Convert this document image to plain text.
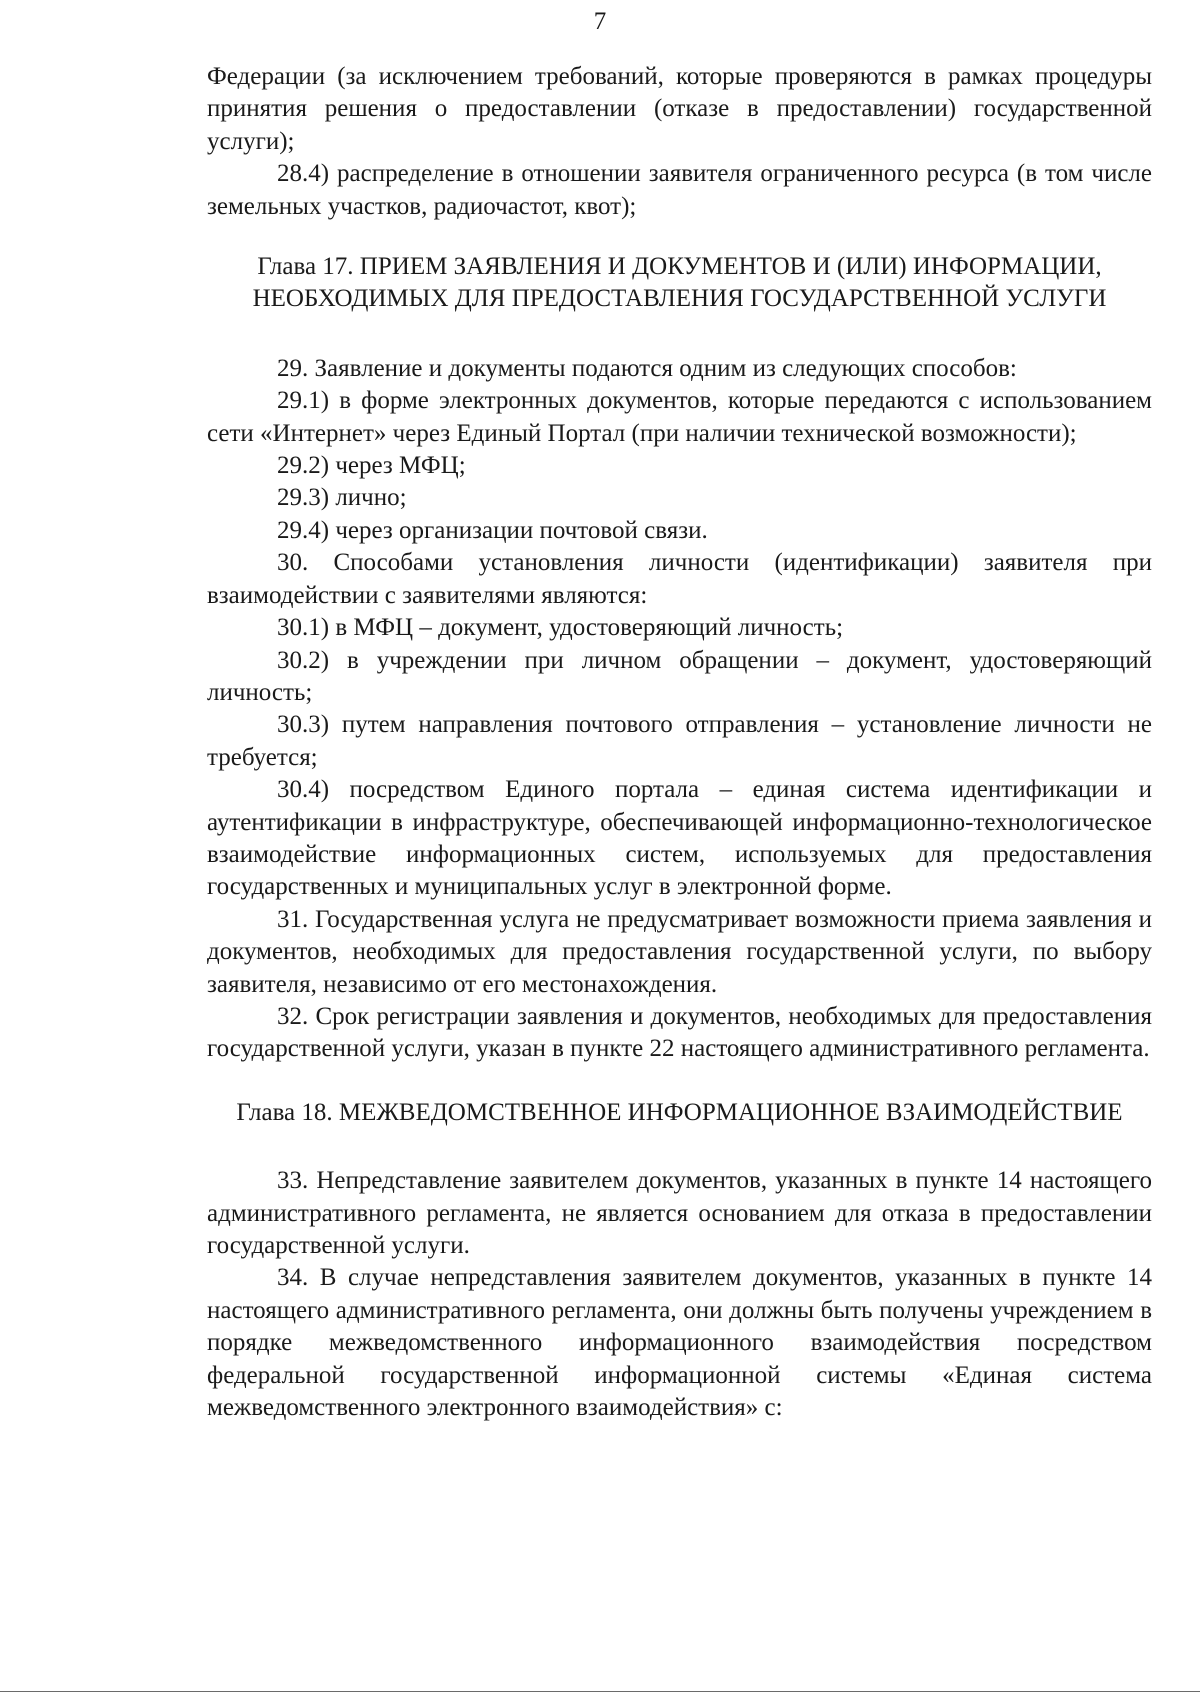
7

Федерации (за исключением требований, которые проверяются в рамках процедуры принятия решения о предоставлении (отказе в предоставлении) государственной услуги);

28.4) распределение в отношении заявителя ограниченного ресурса (в том числе земельных участков, радиочастот, квот);

Глава 17. ПРИЕМ ЗАЯВЛЕНИЯ И ДОКУМЕНТОВ И (ИЛИ) ИНФОРМАЦИИ, НЕОБХОДИМЫХ ДЛЯ ПРЕДОСТАВЛЕНИЯ ГОСУДАРСТВЕННОЙ УСЛУГИ

29. Заявление и документы подаются одним из следующих способов:

29.1) в форме электронных документов, которые передаются с использованием сети «Интернет» через Единый Портал (при наличии технической возможности);

29.2) через МФЦ;

29.3) лично;

29.4) через организации почтовой связи.

30. Способами установления личности (идентификации) заявителя при взаимодействии с заявителями являются:

30.1) в МФЦ – документ, удостоверяющий личность;

30.2) в учреждении при личном обращении – документ, удостоверяющий личность;

30.3) путем направления почтового отправления – установление личности не требуется;

30.4) посредством Единого портала – единая система идентификации и аутентификации в инфраструктуре, обеспечивающей информационно-технологическое взаимодействие информационных систем, используемых для предоставления государственных и муниципальных услуг в электронной форме.

31. Государственная услуга не предусматривает возможности приема заявления и документов, необходимых для предоставления государственной услуги, по выбору заявителя, независимо от его местонахождения.

32. Срок регистрации заявления и документов, необходимых для предоставления государственной услуги, указан в пункте 22 настоящего административного регламента.

Глава 18. МЕЖВЕДОМСТВЕННОЕ ИНФОРМАЦИОННОЕ ВЗАИМОДЕЙСТВИЕ

33. Непредставление заявителем документов, указанных в пункте 14 настоящего административного регламента, не является основанием для отказа в предоставлении государственной услуги.

34. В случае непредставления заявителем документов, указанных в пункте 14 настоящего административного регламента, они должны быть получены учреждением в порядке межведомственного информационного взаимодействия посредством федеральной государственной информационной системы «Единая система межведомственного электронного взаимодействия» с:
